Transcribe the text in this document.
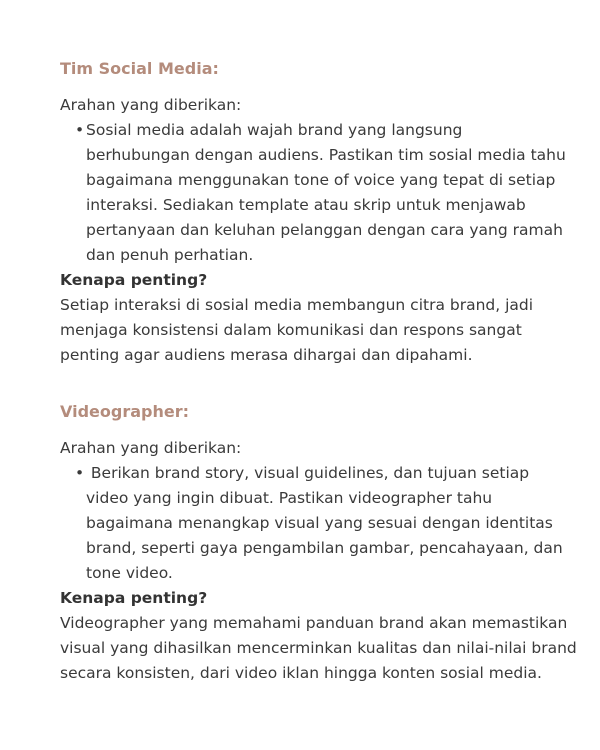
Tim Social Media:
Arahan yang diberikan:
• Sosial media adalah wajah brand yang langsung
berhubungan dengan audiens. Pastikan tim sosial media tahu
bagaimana menggunakan tone of voice yang tepat di setiap
interaksi. Sediakan template atau skrip untuk menjawab
pertanyaan dan keluhan pelanggan dengan cara yang ramah
dan penuh perhatian.
Kenapa penting?
Setiap interaksi di sosial media membangun citra brand, jadi
menjaga konsistensi dalam komunikasi dan respons sangat
penting agar audiens merasa dihargai dan dipahami.
Videographer:
Arahan yang diberikan:
• Berikan brand story, visual guidelines, dan tujuan setiap
video yang ingin dibuat. Pastikan videographer tahu
bagaimana menangkap visual yang sesuai dengan identitas
brand, seperti gaya pengambilan gambar, pencahayaan, dan
tone video.
Kenapa penting?
Videographer yang memahami panduan brand akan memastikan
visual yang dihasilkan mencerminkan kualitas dan nilai-nilai brand
secara konsisten, dari video iklan hingga konten sosial media.
